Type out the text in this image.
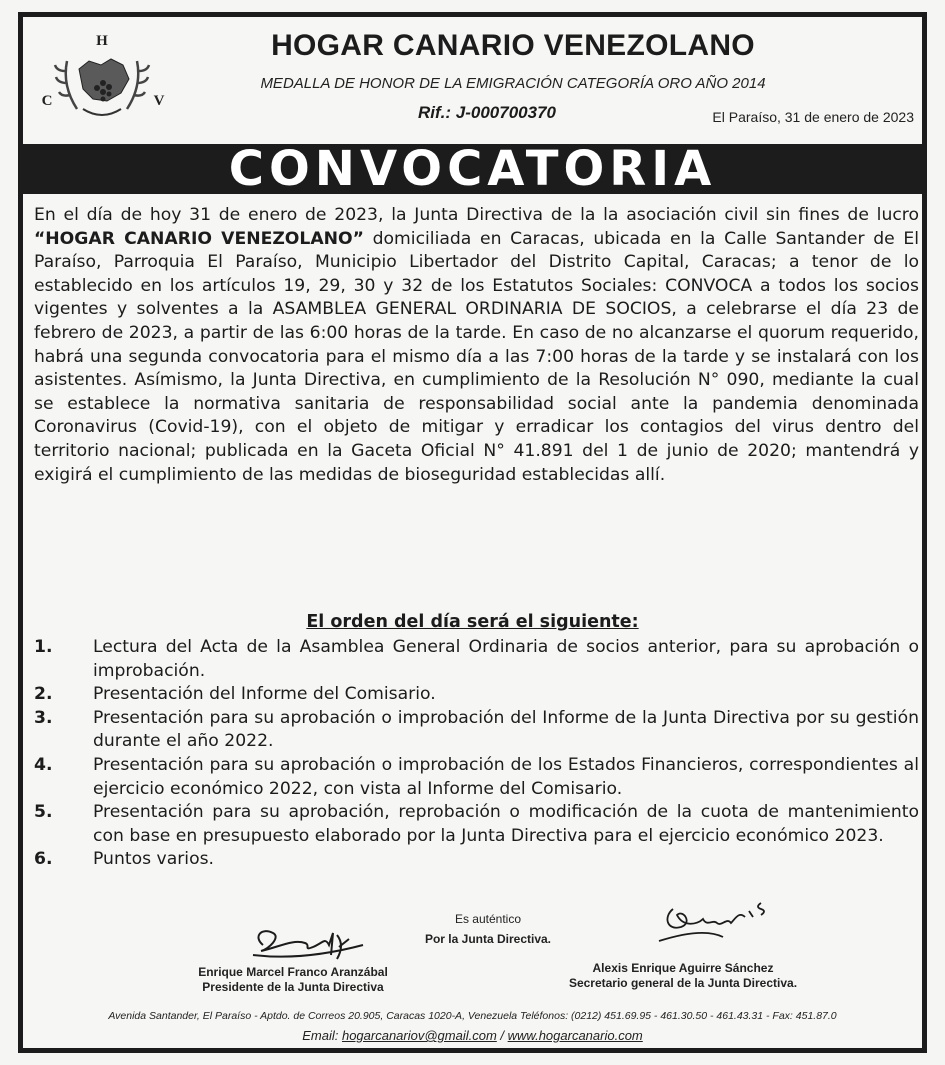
H
C	V
HOGAR CANARIO VENEZOLANO
MEDALLA DE HONOR DE LA EMIGRACIÓN CATEGORÍA ORO AÑO 2014
Rif.: J-000700370	El Paraíso, 31 de enero de 2023
CONVOCATORIA
En el día de hoy 31 de enero de 2023, la Junta Directiva de la la asociación civil sin fines de lucro “HOGAR CANARIO VENEZOLANO” domiciliada en Caracas, ubicada en la Calle Santander de El Paraíso, Parroquia El Paraíso, Municipio Libertador del Distrito Capital, Caracas; a tenor de lo establecido en los artículos 19, 29, 30 y 32 de los Estatutos Sociales: CONVOCA a todos los socios vigentes y solventes a la ASAMBLEA GENERAL ORDINARIA DE SOCIOS, a celebrarse el día 23 de febrero de 2023, a partir de las 6:00 horas de la tarde. En caso de no alcanzarse el quorum requerido, habrá una segunda convocatoria para el mismo día a las 7:00 horas de la tarde y se instalará con los asistentes. Asímismo, la Junta Directiva, en cumplimiento de la Resolución N° 090, mediante la cual se establece la normativa sanitaria de responsabilidad social ante la pandemia denominada Coronavirus (Covid-19), con el objeto de mitigar y erradicar los contagios del virus dentro del territorio nacional; publicada en la Gaceta Oficial N° 41.891 del 1 de junio de 2020; mantendrá y exigirá el cumplimiento de las medidas de bioseguridad establecidas allí.
El orden del día será el siguiente:
1. Lectura del Acta de la Asamblea General Ordinaria de socios anterior, para su aprobación o improbación.
2. Presentación del Informe del Comisario.
3. Presentación para su aprobación o improbación del Informe de la Junta Directiva por su gestión durante el año 2022.
4. Presentación para su aprobación o improbación de los Estados Financieros, correspondientes al ejercicio económico 2022, con vista al Informe del Comisario.
5. Presentación para su aprobación, reprobación o modificación de la cuota de mantenimiento con base en presupuesto elaborado por la Junta Directiva para el ejercicio económico 2023.
6. Puntos varios.
Es auténtico
Por la Junta Directiva.
Enrique Marcel Franco Aranzábal
Presidente de la Junta Directiva
Alexis Enrique Aguirre Sánchez
Secretario general de la Junta Directiva.
Avenida Santander, El Paraíso - Aptdo. de Correos 20.905, Caracas 1020-A, Venezuela Teléfonos: (0212) 451.69.95 - 461.30.50 - 461.43.31 - Fax: 451.87.0
Email: hogarcanariov@gmail.com / www.hogarcanario.com
